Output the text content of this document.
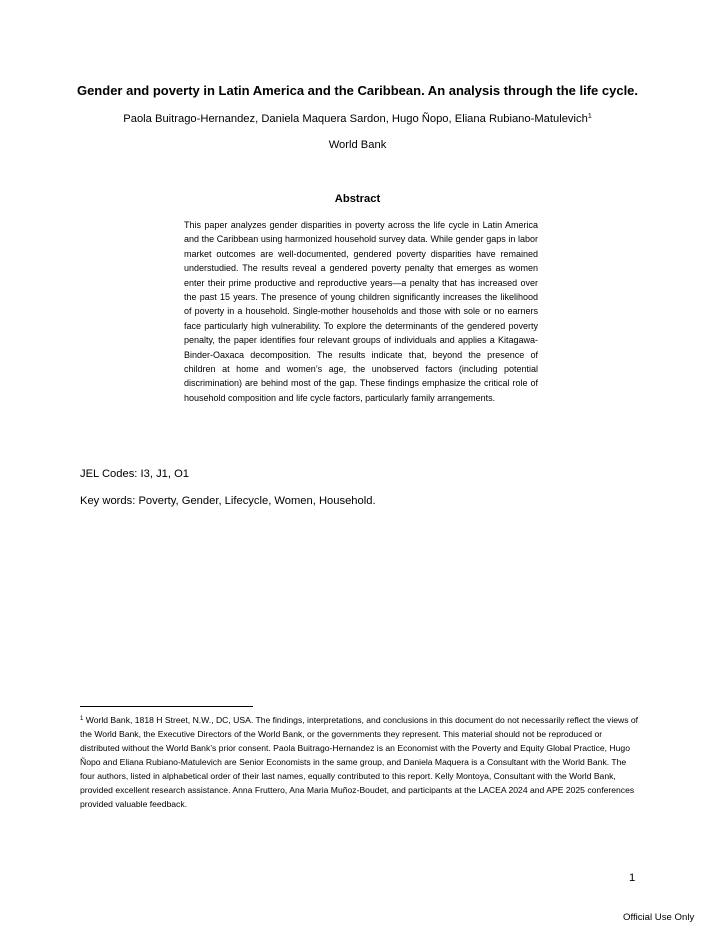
Gender and poverty in Latin America and the Caribbean. An analysis through the life cycle.
Paola Buitrago-Hernandez, Daniela Maquera Sardon, Hugo Ñopo, Eliana Rubiano-Matulevich$^1$
World Bank
Abstract

This paper analyzes gender disparities in poverty across the life cycle in Latin America and the Caribbean using harmonized household survey data. While gender gaps in labor market outcomes are well-documented, gendered poverty disparities have remained understudied. The results reveal a gendered poverty penalty that emerges as women enter their prime productive and reproductive years—a penalty that has increased over the past 15 years. The presence of young children significantly increases the likelihood of poverty in a household. Single-mother households and those with sole or no earners face particularly high vulnerability. To explore the determinants of the gendered poverty penalty, the paper identifies four relevant groups of individuals and applies a Kitagawa-Binder-Oaxaca decomposition. The results indicate that, beyond the presence of children at home and women’s age, the unobserved factors (including potential discrimination) are behind most of the gap. These findings emphasize the critical role of household composition and life cycle factors, particularly family arrangements.

JEL Codes: I3, J1, O1
Key words: Poverty, Gender, Lifecycle, Women, Household.

$^1$ World Bank, 1818 H Street, N.W., DC, USA. The findings, interpretations, and conclusions in this document do not necessarily reflect the views of the World Bank, the Executive Directors of the World Bank, or the governments they represent. This material should not be reproduced or distributed without the World Bank’s prior consent. Paola Buitrago-Hernandez is an Economist with the Poverty and Equity Global Practice, Hugo Ñopo and Eliana Rubiano-Matulevich are Senior Economists in the same group, and Daniela Maquera is a Consultant with the World Bank. The four authors, listed in alphabetical order of their last names, equally contributed to this report. Kelly Montoya, Consultant with the World Bank, provided excellent research assistance. Anna Fruttero, Ana Maria Muñoz-Boudet, and participants at the LACEA 2024 and APE 2025 conferences provided valuable feedback.

1
Official Use Only
